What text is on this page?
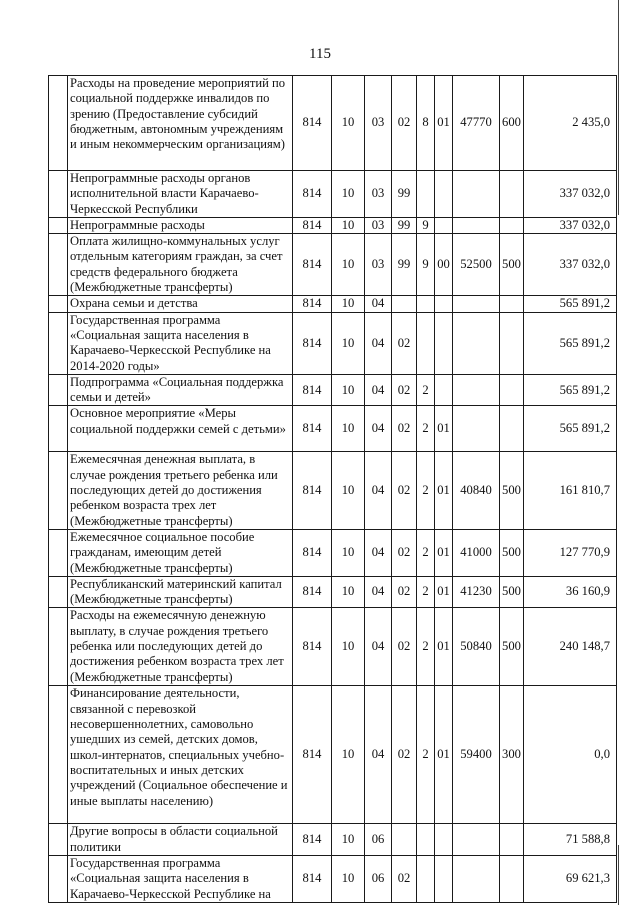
115
	Расходы на проведение мероприятий по социальной поддержке инвалидов по зрению (Предоставление субсидий бюджетным, автономным учреждениям и иным некоммерческим организациям)	814	10	03	02	8	01	47770	600	2 435,0
	Непрограммные расходы органов исполнительной власти Карачаево-Черкесской Республики	814	10	03	99					337 032,0
	Непрограммные расходы	814	10	03	99	9				337 032,0
	Оплата жилищно-коммунальных услуг отдельным категориям граждан, за счет средств федерального бюджета (Межбюджетные трансферты)	814	10	03	99	9	00	52500	500	337 032,0
	Охрана семьи и детства	814	10	04						565 891,2
	Государственная программа «Социальная защита населения в Карачаево-Черкесской Республике на 2014-2020 годы»	814	10	04	02					565 891,2
	Подпрограмма «Социальная поддержка семьи и детей»	814	10	04	02	2				565 891,2
	Основное мероприятие «Меры социальной поддержки семей с детьми»	814	10	04	02	2	01			565 891,2
	Ежемесячная денежная выплата, в случае рождения третьего ребенка или последующих детей до достижения ребенком возраста трех лет (Межбюджетные трансферты)	814	10	04	02	2	01	40840	500	161 810,7
	Ежемесячное социальное пособие гражданам, имеющим детей (Межбюджетные трансферты)	814	10	04	02	2	01	41000	500	127 770,9
	Республиканский материнский капитал (Межбюджетные трансферты)	814	10	04	02	2	01	41230	500	36 160,9
	Расходы на ежемесячную денежную выплату, в случае рождения третьего ребенка или последующих детей до достижения ребенком возраста трех лет (Межбюджетные трансферты)	814	10	04	02	2	01	50840	500	240 148,7
	Финансирование деятельности, связанной с перевозкой несовершеннолетних, самовольно ушедших из семей, детских домов, школ-интернатов, специальных учебно-воспитательных и иных детских учреждений (Социальное обеспечение и иные выплаты населению)	814	10	04	02	2	01	59400	300	0,0
	Другие вопросы в области социальной политики	814	10	06						71 588,8
	Государственная программа «Социальная защита населения в Карачаево-Черкесской Республике на	814	10	06	02					69 621,3
